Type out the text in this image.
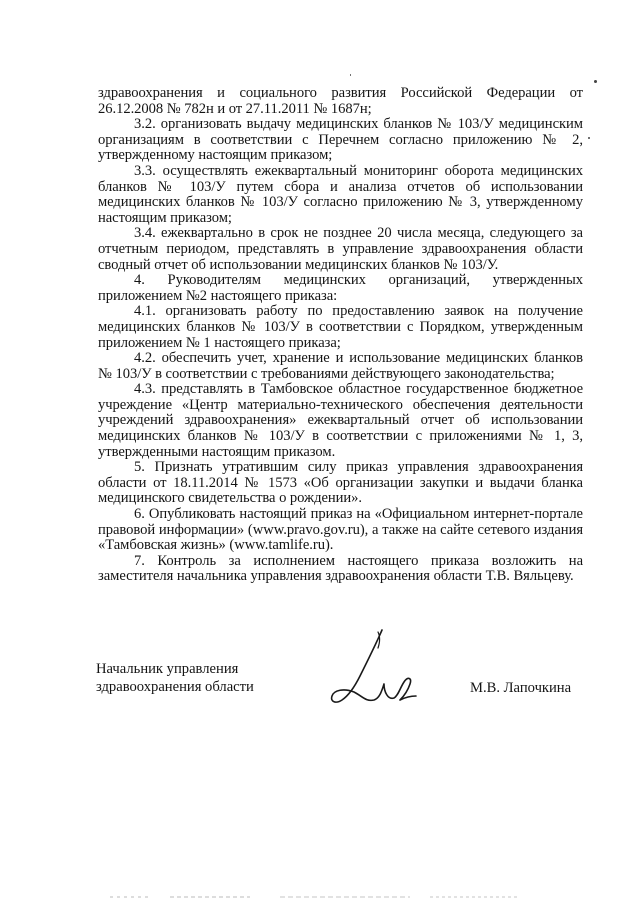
здравоохранения и социального развития Российской Федерации от 26.12.2008 № 782н и от 27.11.2011 № 1687н;

3.2. организовать выдачу медицинских бланков № 103/У медицинским организациям в соответствии с Перечнем согласно приложению № 2, утвержденному настоящим приказом;

3.3. осуществлять ежеквартальный мониторинг оборота медицинских бланков № 103/У путем сбора и анализа отчетов об использовании медицинских бланков № 103/У согласно приложению № 3, утвержденному настоящим приказом;

3.4. ежеквартально в срок не позднее 20 числа месяца, следующего за отчетным периодом, представлять в управление здравоохранения области сводный отчет об использовании медицинских бланков № 103/У.

4. Руководителям медицинских организаций, утвержденных приложением №2 настоящего приказа:

4.1. организовать работу по предоставлению заявок на получение медицинских бланков № 103/У в соответствии с Порядком, утвержденным приложением № 1 настоящего приказа;

4.2. обеспечить учет, хранение и использование медицинских бланков № 103/У в соответствии с требованиями действующего законодательства;

4.3. представлять в Тамбовское областное государственное бюджетное учреждение «Центр материально-технического обеспечения деятельности учреждений здравоохранения» ежеквартальный отчет об использовании медицинских бланков № 103/У в соответствии с приложениями № 1, 3, утвержденными настоящим приказом.

5. Признать утратившим силу приказ управления здравоохранения области от 18.11.2014 № 1573 «Об организации закупки и выдачи бланка медицинского свидетельства о рождении».

6. Опубликовать настоящий приказ на «Официальном интернет-портале правовой информации» (www.pravo.gov.ru), а также на сайте сетевого издания «Тамбовская жизнь» (www.tamlife.ru).

7. Контроль за исполнением настоящего приказа возложить на заместителя начальника управления здравоохранения области Т.В. Вяльцеву.

Начальник управления
здравоохранения области	М.В. Лапочкина
